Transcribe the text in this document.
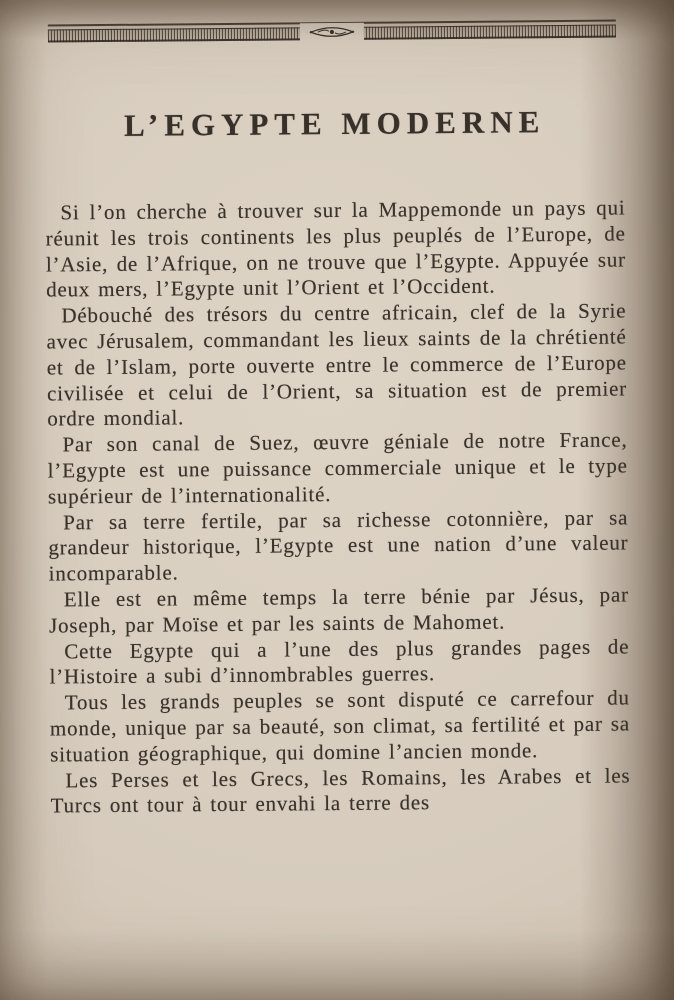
L’EGYPTE MODERNE

Si l’on cherche à trouver sur la Mappemonde un pays qui réunit les trois continents les plus peuplés de l’Europe, de l’Asie, de l’Afrique, on ne trouve que l’Egypte. Appuyée sur deux mers, l’Egypte unit l’Orient et l’Occident.

Débouché des trésors du centre africain, clef de la Syrie avec Jérusalem, commandant les lieux saints de la chrétienté et de l’Islam, porte ouverte entre le commerce de l’Europe civilisée et celui de l’Orient, sa situation est de premier ordre mondial.

Par son canal de Suez, œuvre géniale de notre France, l’Egypte est une puissance commerciale unique et le type supérieur de l’internationalité.

Par sa terre fertile, par sa richesse cotonnière, par sa grandeur historique, l’Egypte est une nation d’une valeur incomparable.

Elle est en même temps la terre bénie par Jésus, par Joseph, par Moïse et par les saints de Mahomet.

Cette Egypte qui a l’une des plus grandes pages de l’Histoire a subi d’innombrables guerres.

Tous les grands peuples se sont disputé ce carrefour du monde, unique par sa beauté, son climat, sa fertilité et par sa situation géographique, qui domine l’ancien monde.

Les Perses et les Grecs, les Romains, les Arabes et les Turcs ont tour à tour envahi la terre des
